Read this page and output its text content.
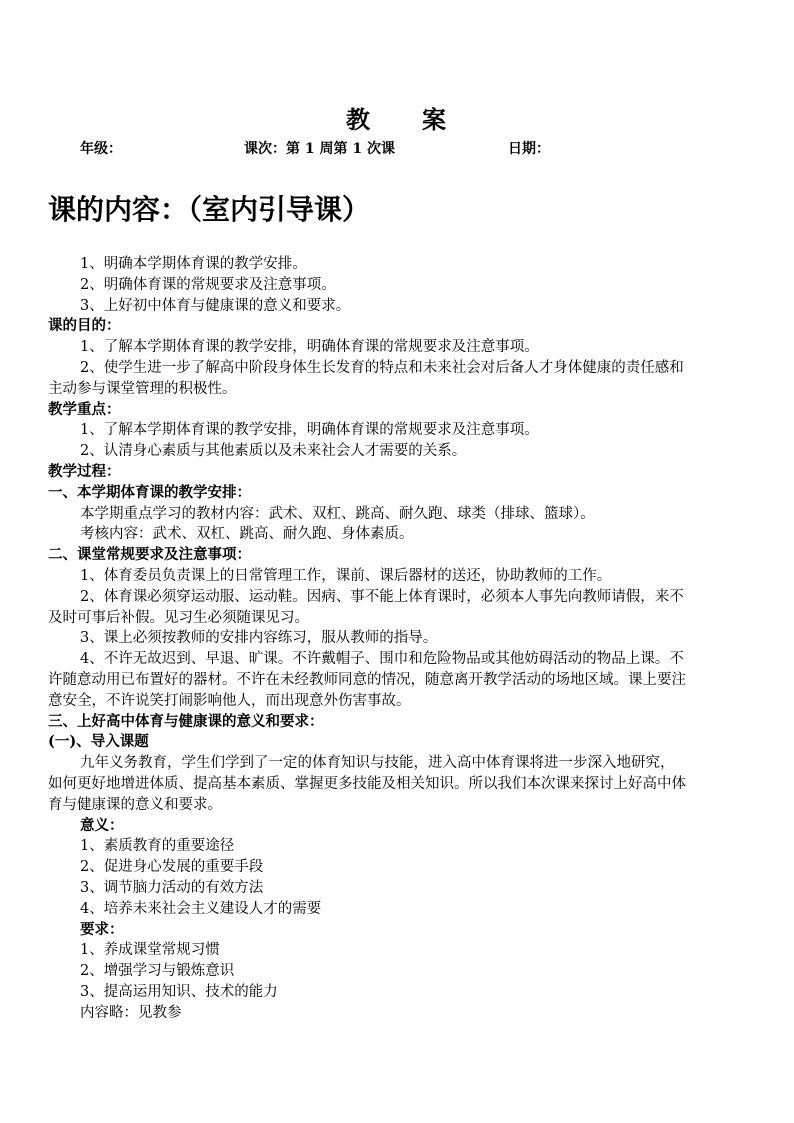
教 案
年级：	课次：第 1 周第 1 次课	日期：
课的内容：（室内引导课）

1、明确本学期体育课的教学安排。

2、明确体育课的常规要求及注意事项。

3、上好初中体育与健康课的意义和要求。

课的目的：

1、了解本学期体育课的教学安排，明确体育课的常规要求及注意事项。

2、使学生进一步了解高中阶段身体生长发育的特点和未来社会对后备人才身体健康的责任感和主动参与课堂管理的积极性。

教学重点：

1、了解本学期体育课的教学安排，明确体育课的常规要求及注意事项。

2、认清身心素质与其他素质以及未来社会人才需要的关系。

教学过程：

一、本学期体育课的教学安排：

本学期重点学习的教材内容：武术、双杠、跳高、耐久跑、球类（排球、篮球）。

考核内容：武术、双杠、跳高、耐久跑、身体素质。

二、课堂常规要求及注意事项：

1、体育委员负责课上的日常管理工作，课前、课后器材的送还，协助教师的工作。

2、体育课必须穿运动服、运动鞋。因病、事不能上体育课时，必须本人事先向教师请假，来不及时可事后补假。见习生必须随课见习。

3、课上必须按教师的安排内容练习，服从教师的指导。

4、不许无故迟到、早退、旷课。不许戴帽子、围巾和危险物品或其他妨碍活动的物品上课。不许随意动用已布置好的器材。不许在未经教师同意的情况，随意离开教学活动的场地区域。课上要注意安全，不许说笑打闹影响他人，而出现意外伤害事故。

三、上好高中体育与健康课的意义和要求：

(一)、导入课题

九年义务教育，学生们学到了一定的体育知识与技能，进入高中体育课将进一步深入地研究，如何更好地增进体质、提高基本素质、掌握更多技能及相关知识。所以我们本次课来探讨上好高中体育与健康课的意义和要求。

意义：

1、素质教育的重要途径

2、促进身心发展的重要手段

3、调节脑力活动的有效方法

4、培养未来社会主义建设人才的需要

要求：

1、养成课堂常规习惯

2、增强学习与锻炼意识

3、提高运用知识、技术的能力

内容略：见教参
